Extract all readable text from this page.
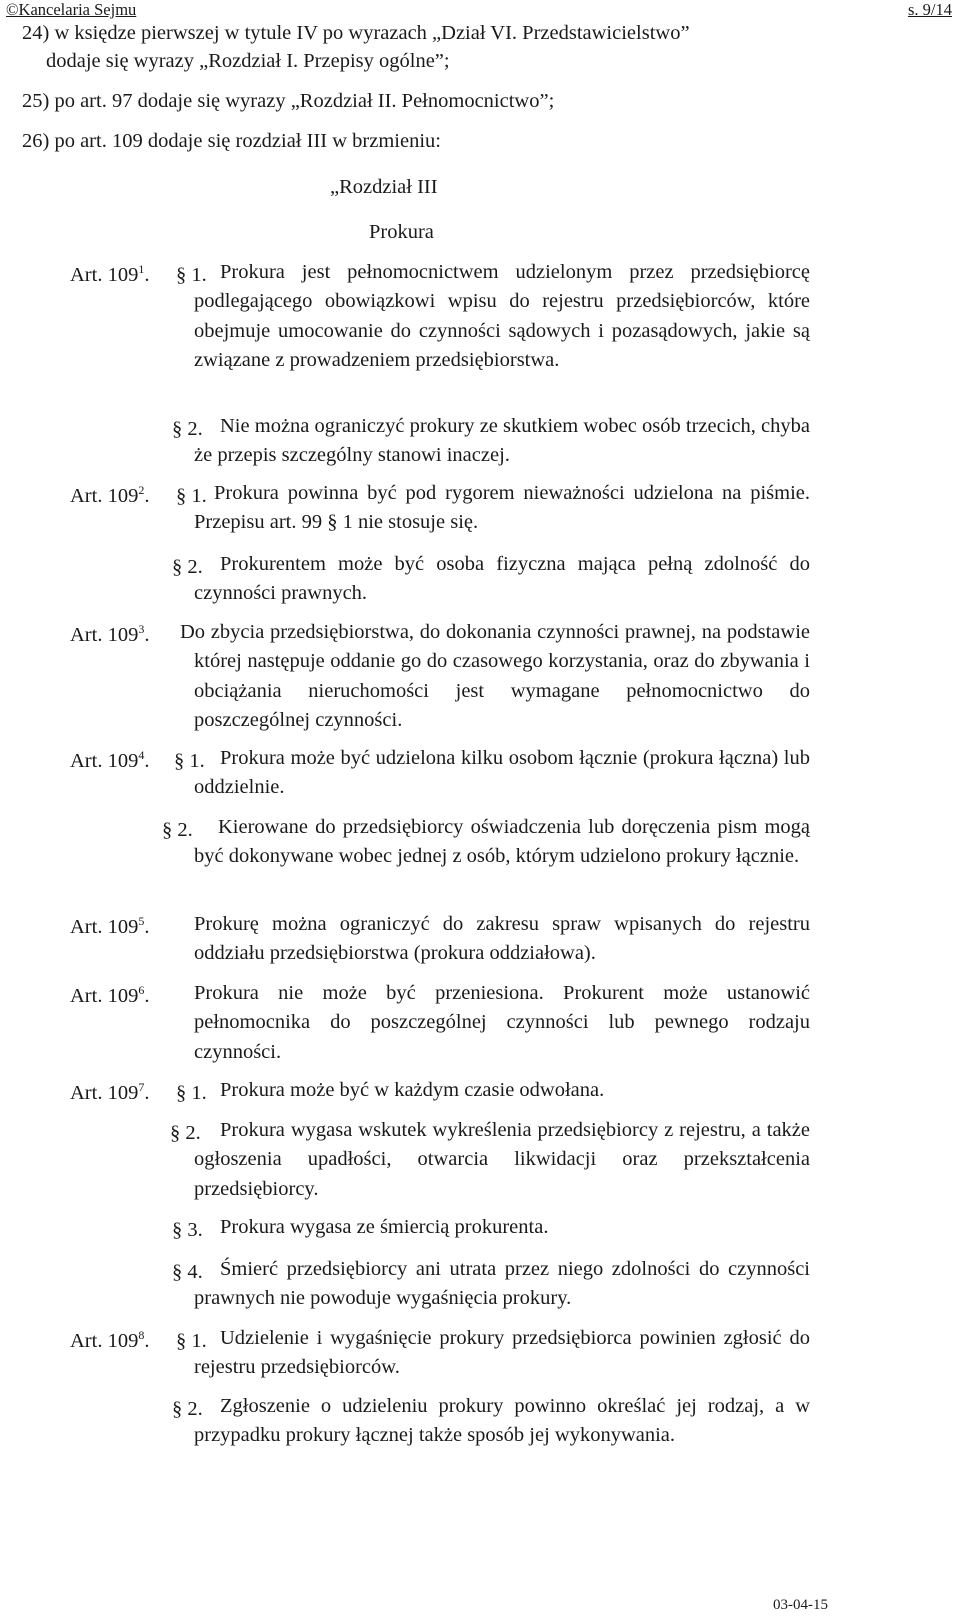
©Kancelaria Sejmu	s. 9/14
24) w księdze pierwszej w tytule IV po wyrazach „Dział VI. Przedstawicielstwo”
dodaje się wyrazy „Rozdział I. Przepisy ogólne”;
25) po art. 97 dodaje się wyrazy „Rozdział II. Pełnomocnictwo”;
26) po art. 109 dodaje się rozdział III w brzmieniu:
„Rozdział III
Prokura
Art. $109^1$. § 1. Prokura jest pełnomocnictwem udzielonym przez przedsiębiorcę podlegającego obowiązkowi wpisu do rejestru przedsiębiorców, które obejmuje umocowanie do czynności sądowych i pozasądowych, jakie są związane z prowadzeniem przedsiębiorstwa.
§ 2. Nie można ograniczyć prokury ze skutkiem wobec osób trzecich, chyba że przepis szczególny stanowi inaczej.
Art. $109^2$. § 1. Prokura powinna być pod rygorem nieważności udzielona na piśmie. Przepisu art. 99 § 1 nie stosuje się.
§ 2. Prokurentem może być osoba fizyczna mająca pełną zdolność do czynności prawnych.
Art. $109^3$. Do zbycia przedsiębiorstwa, do dokonania czynności prawnej, na podstawie której następuje oddanie go do czasowego korzystania, oraz do zbywania i obciążania nieruchomości jest wymagane pełnomocnictwo do poszczególnej czynności.
Art. $109^4$. § 1. Prokura może być udzielona kilku osobom łącznie (prokura łączna) lub oddzielnie.
§ 2.	Kierowane do przedsiębiorcy oświadczenia lub doręczenia pism mogą być dokonywane wobec jednej z osób, którym udzielono prokury łącznie.
Art. $109^5$. Prokurę można ograniczyć do zakresu spraw wpisanych do rejestru oddziału przedsiębiorstwa (prokura oddziałowa).
Art. $109^6$. Prokura nie może być przeniesiona. Prokurent może ustanowić pełnomocnika do poszczególnej czynności lub pewnego rodzaju czynności.
Art. $109^7$. § 1. Prokura może być w każdym czasie odwołana.
§ 2. Prokura wygasa wskutek wykreślenia przedsiębiorcy z rejestru, a także ogłoszenia upadłości, otwarcia likwidacji oraz przekształcenia przedsiębiorcy.
§ 3. Prokura wygasa ze śmiercią prokurenta.
§ 4. Śmierć przedsiębiorcy ani utrata przez niego zdolności do czynności prawnych nie powoduje wygaśnięcia prokury.
Art. $109^8$. § 1. Udzielenie i wygaśnięcie prokury przedsiębiorca powinien zgłosić do rejestru przedsiębiorców.
§ 2. Zgłoszenie o udzieleniu prokury powinno określać jej rodzaj, a w przypadku prokury łącznej także sposób jej wykonywania.
03-04-15
